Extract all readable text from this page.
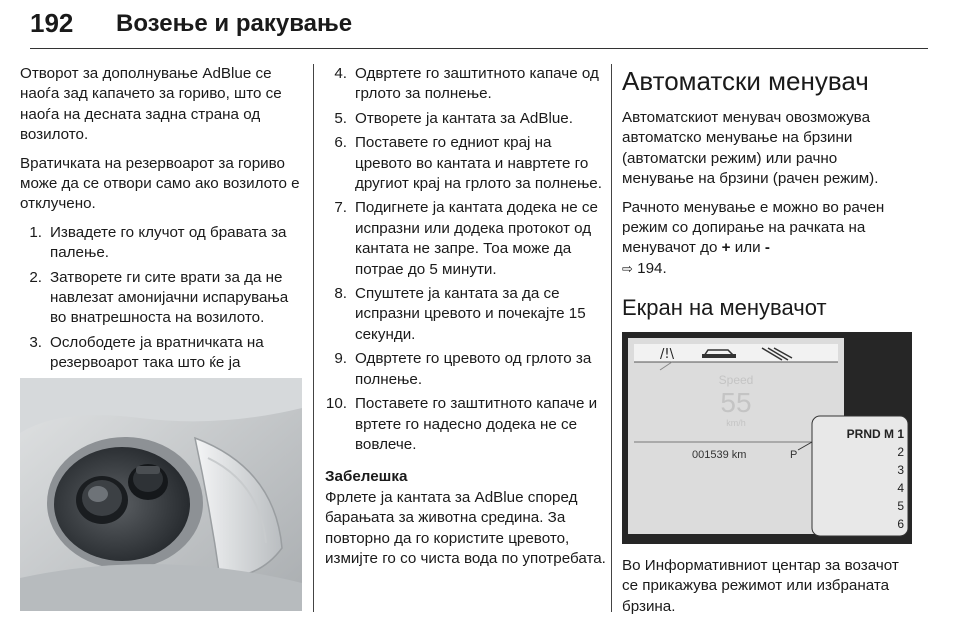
192 Возење и ракување

Отворот за дополнување AdBlue се наоѓа зад капачето за гориво, што се наоѓа на десната задна страна од возилото.

Вратичката на резервоарот за гориво може да се отвори само ако возилото е отклучено.

1. Извадете го клучот од бравата за палење.
2. Затворете ги сите врати за да не навлезат амонијачни испарувања во внатрешноста на возилото.
3. Ослободете ја вратничката на резервоарот така што ќе ја
4. Одвртете го заштитното капаче од грлото за полнење.
5. Отворете ја кантата за AdBlue.
6. Поставете го едниот крај на цревото во кантата и навртете го другиот крај на грлото за полнење.
7. Подигнете ја кантата додека не се испразни или додека протокот од кантата не запре. Тоа може да потрае до 5 минути.
8. Спуштете ја кантата за да се испразни цревото и почекајте 15 секунди.
9. Одвртете го цревото од грлото за полнење.
10. Поставете го заштитното капаче и вртете го надесно додека не се вовлече.
Забелешка

Фрлете ја кантата за AdBlue според барањата за животна средина. За повторно да го користите цревото, измијте го со чиста вода по употребата.

Автоматски менувач

Автоматскиот менувач овозможува автоматско менување на брзини (автоматски режим) или рачно менување на брзини (рачен режим).

Рачното менување е можно во рачен режим со допирање на рачката на менувачот до + или -
⇨ 194.

Екран на менувачот
/!\
Speed
55
km/h
001539 km	P
PRND M 1
2
3
4
5
6

Во Информативниот центар за возачот се прикажува режимот или избраната брзина.
